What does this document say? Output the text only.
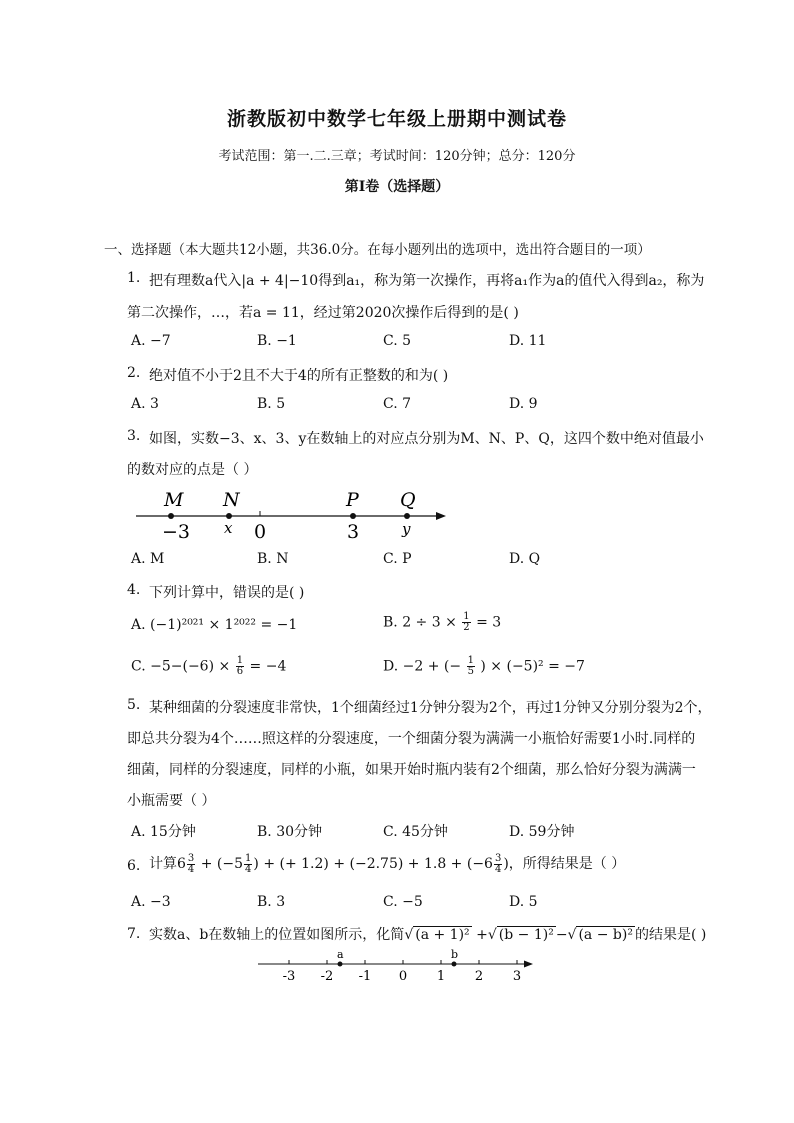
浙教版初中数学七年级上册期中测试卷
考试范围：第一.二.三章；考试时间：120分钟；总分：120分
第I卷（选择题）
一、选择题（本大题共12小题，共36.0分。在每小题列出的选项中，选出符合题目的一项）
1. 把有理数a代入|a + 4|−10得到a₁，称为第一次操作，再将a₁作为a的值代入得到a₂，称为
第二次操作，…，若a = 11，经过第2020次操作后得到的是( )
A. −7	B. −1	C. 5	D. 11
2. 绝对值不小于2且不大于4的所有正整数的和为( )
A. 3	B. 5	C. 7	D. 9
3. 如图，实数−3、x、3、y在数轴上的对应点分别为M、N、P、Q，这四个数中绝对值最小
的数对应的点是（ ）
M
−3
N
x 0
P
3
Q
y
A. M	B. N	C. P	D. Q
4. 下列计算中，错误的是( )
A. (−1)²⁰²¹ × 1²⁰²² = −1	B. $2 \div 3 \times \frac{1}{2} = 3$
C. $-5-(-6) \times \frac{1}{6} = -4$	D. −2 + (− $\frac{1}{5}$ ) × (−5)² = −7
5. 某种细菌的分裂速度非常快，1个细菌经过1分钟分裂为2个，再过1分钟又分别分裂为2个，
即总共分裂为4个……照这样的分裂速度，一个细菌分裂为满满一小瓶恰好需要1小时.同样的
细菌，同样的分裂速度，同样的小瓶，如果开始时瓶内装有2个细菌，那么恰好分裂为满满一
小瓶需要（ ）
A. 15分钟	B. 30分钟	C. 45分钟	D. 59分钟
6. 计算$6 \frac{3}{4} + (-5 \frac{1}{4}$ ) + (+ $1.2) + (-2.75) + 1.8 + (-6 \frac{3}{4}$ )，所得结果是（ ）
A. −3	B. 3	C. −5	D. 5
7. 实数a、b在数轴上的位置如图所示，化简√ (a + 1)² +√ (b − 1)² −√ (a − b)² 的结果是( )
-3 -2 -1 0 1 2 3
a	b
